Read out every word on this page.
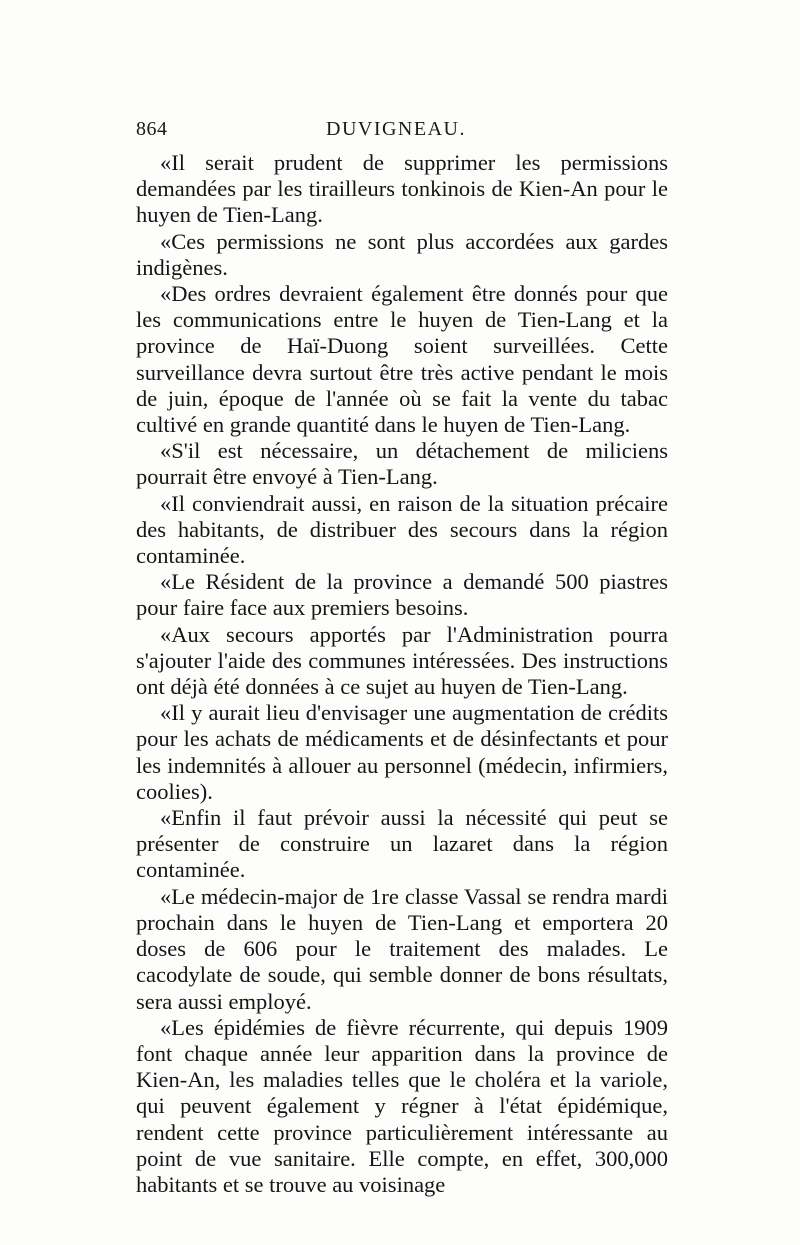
864	DUVIGNEAU.

«Il serait prudent de supprimer les permissions demandées par les tirailleurs tonkinois de Kien-An pour le huyen de Tien-Lang.

«Ces permissions ne sont plus accordées aux gardes indigènes.

«Des ordres devraient également être donnés pour que les communications entre le huyen de Tien-Lang et la province de Haï-Duong soient surveillées. Cette surveillance devra surtout être très active pendant le mois de juin, époque de l'année où se fait la vente du tabac cultivé en grande quantité dans le huyen de Tien-Lang.

«S'il est nécessaire, un détachement de miliciens pourrait être envoyé à Tien-Lang.

«Il conviendrait aussi, en raison de la situation précaire des habitants, de distribuer des secours dans la région contaminée.

«Le Résident de la province a demandé 500 piastres pour faire face aux premiers besoins.

«Aux secours apportés par l'Administration pourra s'ajouter l'aide des communes intéressées. Des instructions ont déjà été données à ce sujet au huyen de Tien-Lang.

«Il y aurait lieu d'envisager une augmentation de crédits pour les achats de médicaments et de désinfectants et pour les indemnités à allouer au personnel (médecin, infirmiers, coolies).

«Enfin il faut prévoir aussi la nécessité qui peut se présenter de construire un lazaret dans la région contaminée.

«Le médecin-major de 1re classe Vassal se rendra mardi prochain dans le huyen de Tien-Lang et emportera 20 doses de 606 pour le traitement des malades. Le cacodylate de soude, qui semble donner de bons résultats, sera aussi employé.

«Les épidémies de fièvre récurrente, qui depuis 1909 font chaque année leur apparition dans la province de Kien-An, les maladies telles que le choléra et la variole, qui peuvent également y régner à l'état épidémique, rendent cette province particulièrement intéressante au point de vue sanitaire. Elle compte, en effet, 300,000 habitants et se trouve au voisinage
